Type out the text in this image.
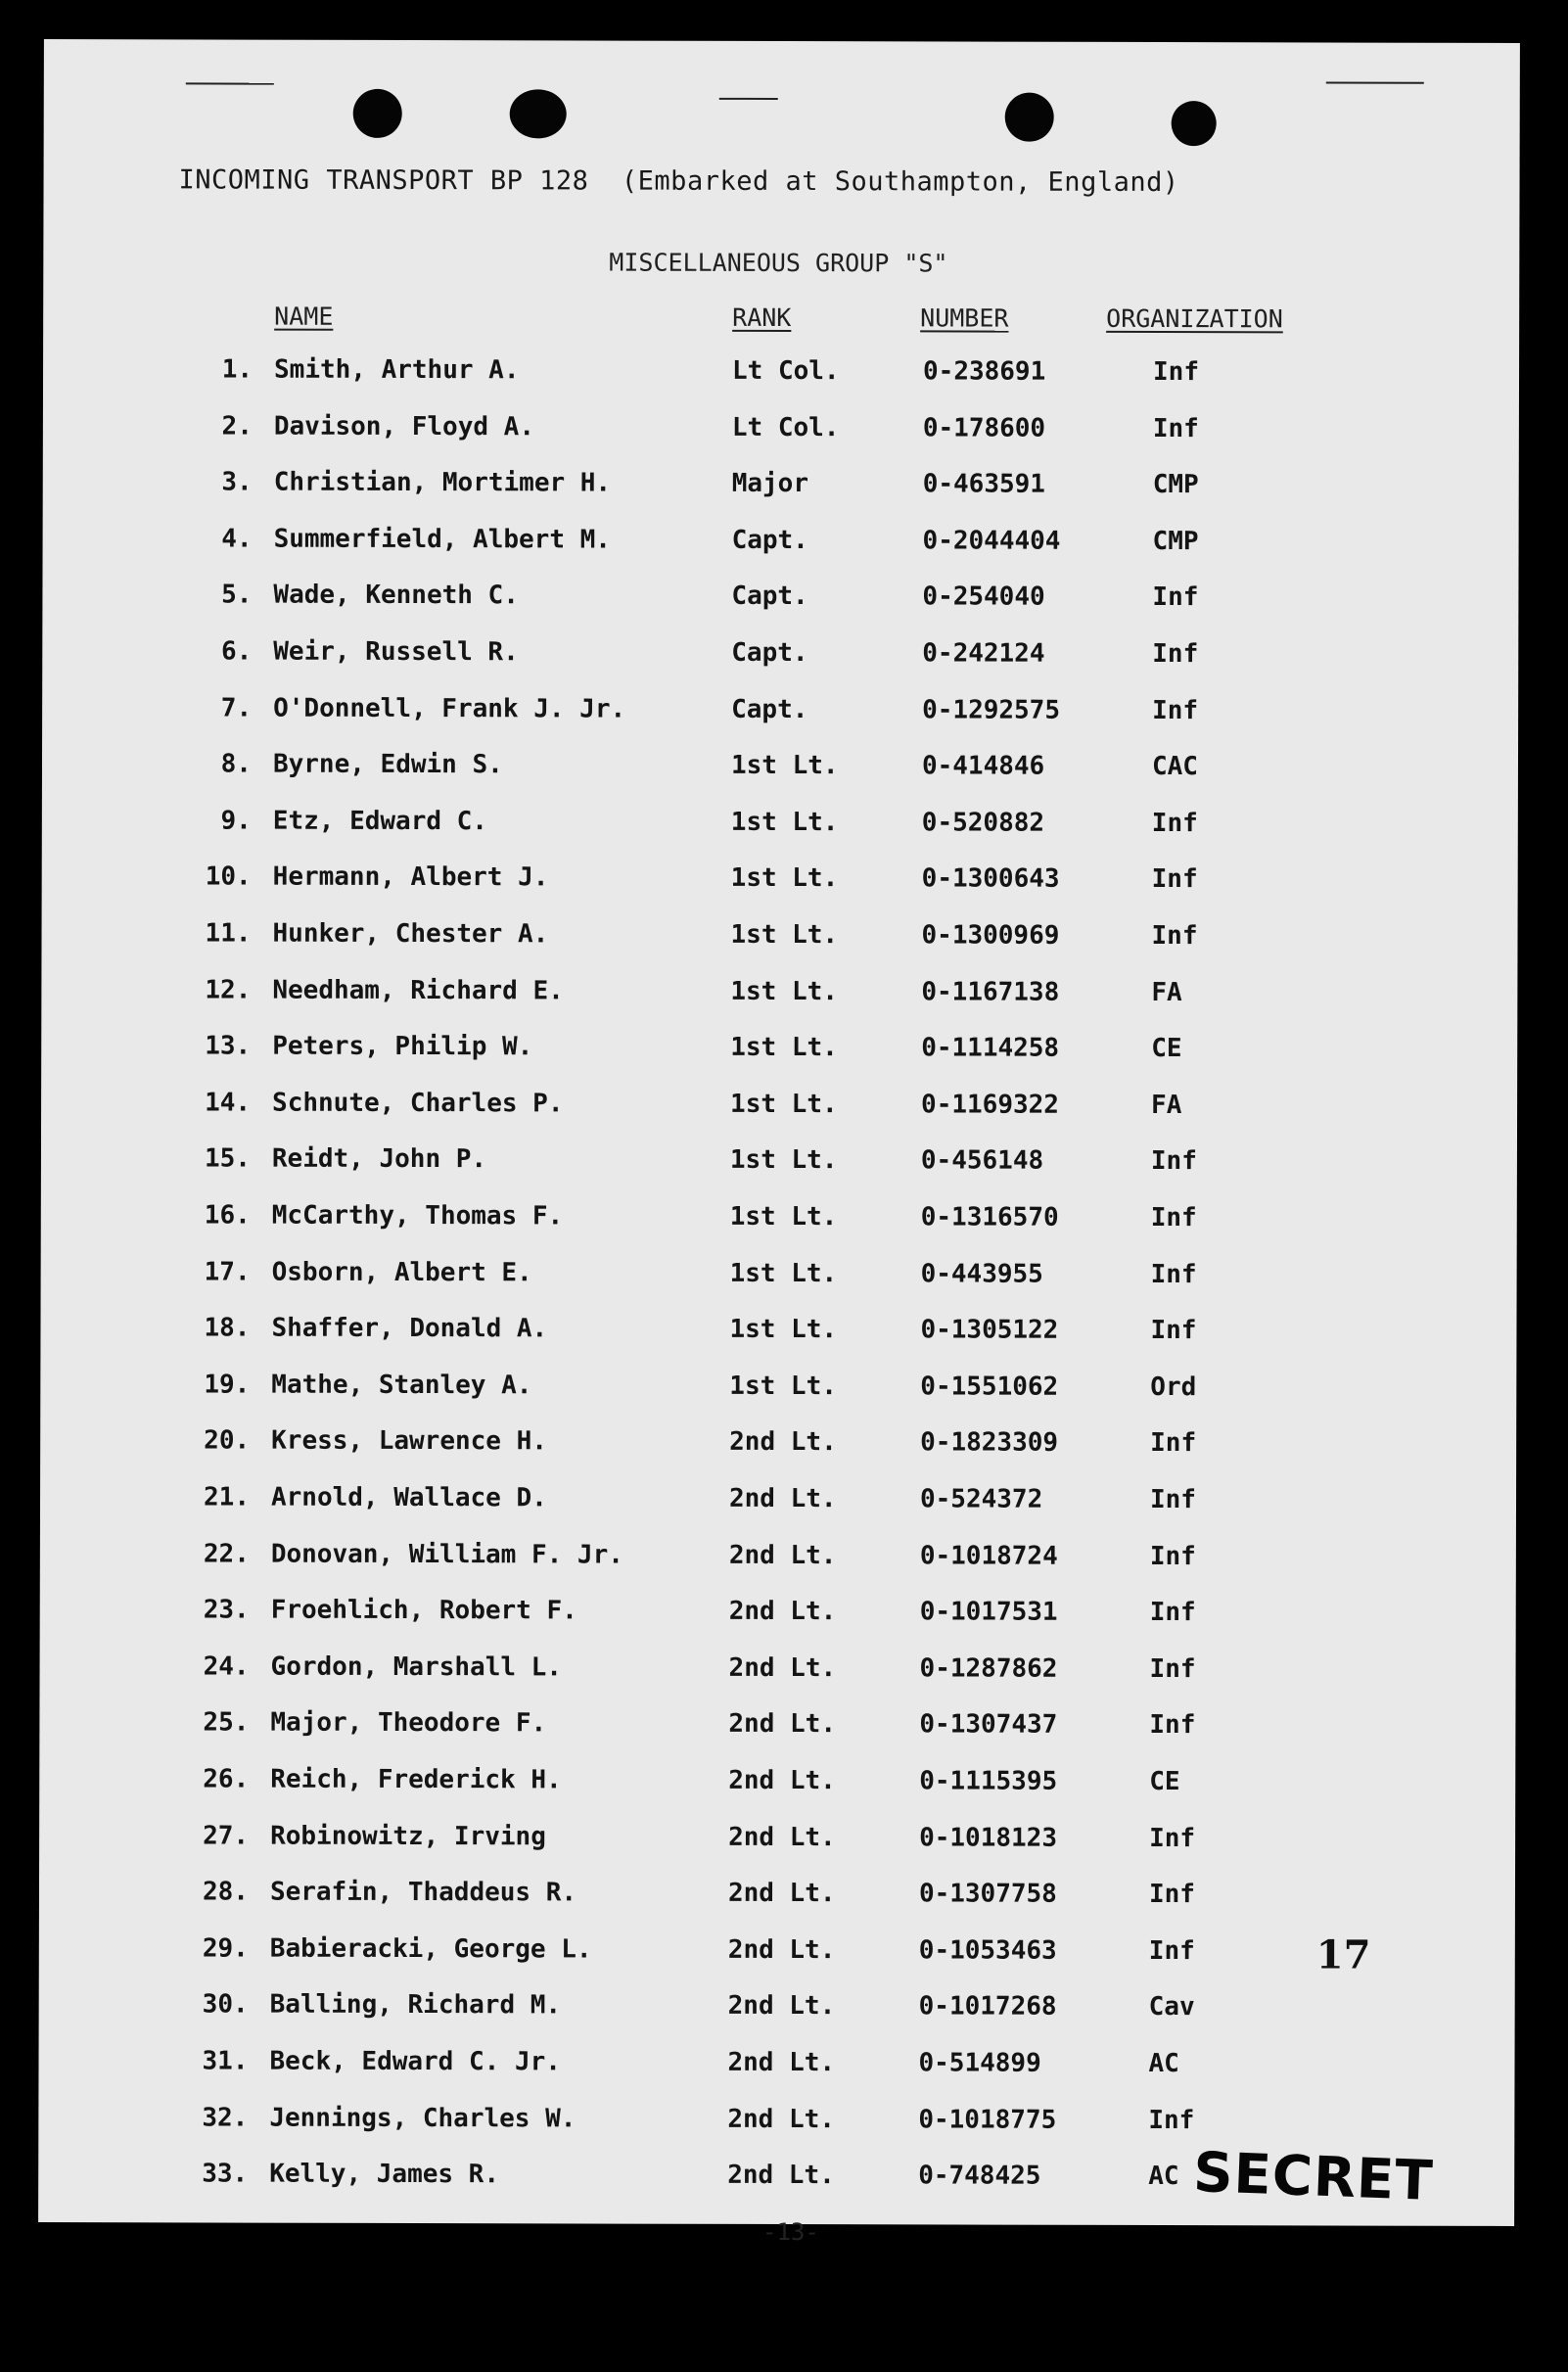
INCOMING TRANSPORT BP 128  (Embarked at Southampton, England)
MISCELLANEOUS GROUP "S"
NAME	RANK	NUMBER	ORGANIZATION
1. Smith, Arthur A.	Lt Col.	0-238691	Inf
2. Davison, Floyd A.	Lt Col.	0-178600	Inf
3. Christian, Mortimer H.	Major	0-463591	CMP
4. Summerfield, Albert M.	Capt.	0-2044404	CMP
5. Wade, Kenneth C.	Capt.	0-254040	Inf
6. Weir, Russell R.	Capt.	0-242124	Inf
7. O'Donnell, Frank J. Jr.	Capt.	0-1292575	Inf
8. Byrne, Edwin S.	1st Lt.	0-414846	CAC
9. Etz, Edward C.	1st Lt.	0-520882	Inf
10. Hermann, Albert J.	1st Lt.	0-1300643	Inf
11. Hunker, Chester A.	1st Lt.	0-1300969	Inf
12. Needham, Richard E.	1st Lt.	0-1167138	FA
13. Peters, Philip W.	1st Lt.	0-1114258	CE
14. Schnute, Charles P.	1st Lt.	0-1169322	FA
15. Reidt, John P.	1st Lt.	0-456148	Inf
16. McCarthy, Thomas F.	1st Lt.	0-1316570	Inf
17. Osborn, Albert E.	1st Lt.	0-443955	Inf
18. Shaffer, Donald A.	1st Lt.	0-1305122	Inf
19. Mathe, Stanley A.	1st Lt.	0-1551062	Ord
20. Kress, Lawrence H.	2nd Lt.	0-1823309	Inf
21. Arnold, Wallace D.	2nd Lt.	0-524372	Inf
22. Donovan, William F. Jr.	2nd Lt.	0-1018724	Inf
23. Froehlich, Robert F.	2nd Lt.	0-1017531	Inf
24. Gordon, Marshall L.	2nd Lt.	0-1287862	Inf
25. Major, Theodore F.	2nd Lt.	0-1307437	Inf
26. Reich, Frederick H.	2nd Lt.	0-1115395	CE
27. Robinowitz, Irving	2nd Lt.	0-1018123	Inf
28. Serafin, Thaddeus R.	2nd Lt.	0-1307758	Inf
29. Babieracki, George L.	2nd Lt.	0-1053463	Inf
30. Balling, Richard M.	2nd Lt.	0-1017268	Cav
31. Beck, Edward C. Jr.	2nd Lt.	0-514899	AC
32. Jennings, Charles W.	2nd Lt.	0-1018775	Inf
33. Kelly, James R.	2nd Lt.	0-748425	AC
17
SECRET
-13-
